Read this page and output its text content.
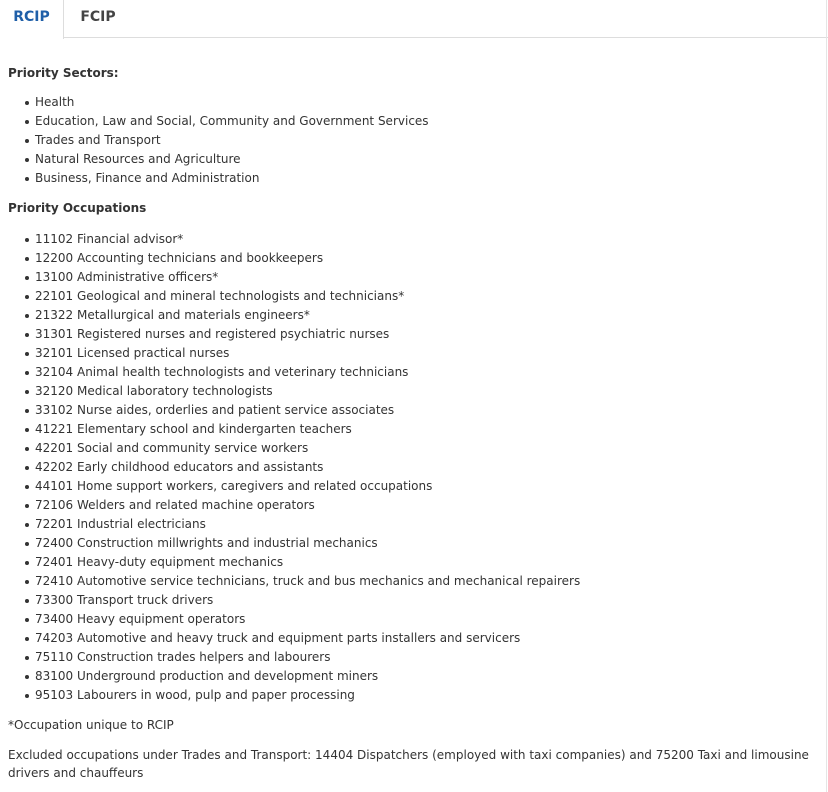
RCIP	FCIP

Priority Sectors:

Health
Education, Law and Social, Community and Government Services
Trades and Transport
Natural Resources and Agriculture
Business, Finance and Administration

Priority Occupations

11102 Financial advisor*
12200 Accounting technicians and bookkeepers
13100 Administrative officers*
22101 Geological and mineral technologists and technicians*
21322 Metallurgical and materials engineers*
31301 Registered nurses and registered psychiatric nurses
32101 Licensed practical nurses
32104 Animal health technologists and veterinary technicians
32120 Medical laboratory technologists
33102 Nurse aides, orderlies and patient service associates
41221 Elementary school and kindergarten teachers
42201 Social and community service workers
42202 Early childhood educators and assistants
44101 Home support workers, caregivers and related occupations
72106 Welders and related machine operators
72201 Industrial electricians
72400 Construction millwrights and industrial mechanics
72401 Heavy-duty equipment mechanics
72410 Automotive service technicians, truck and bus mechanics and mechanical repairers
73300 Transport truck drivers
73400 Heavy equipment operators
74203 Automotive and heavy truck and equipment parts installers and servicers
75110 Construction trades helpers and labourers
83100 Underground production and development miners
95103 Labourers in wood, pulp and paper processing

*Occupation unique to RCIP

Excluded occupations under Trades and Transport: 14404 Dispatchers (employed with taxi companies) and 75200 Taxi and limousine drivers and chauffeurs
